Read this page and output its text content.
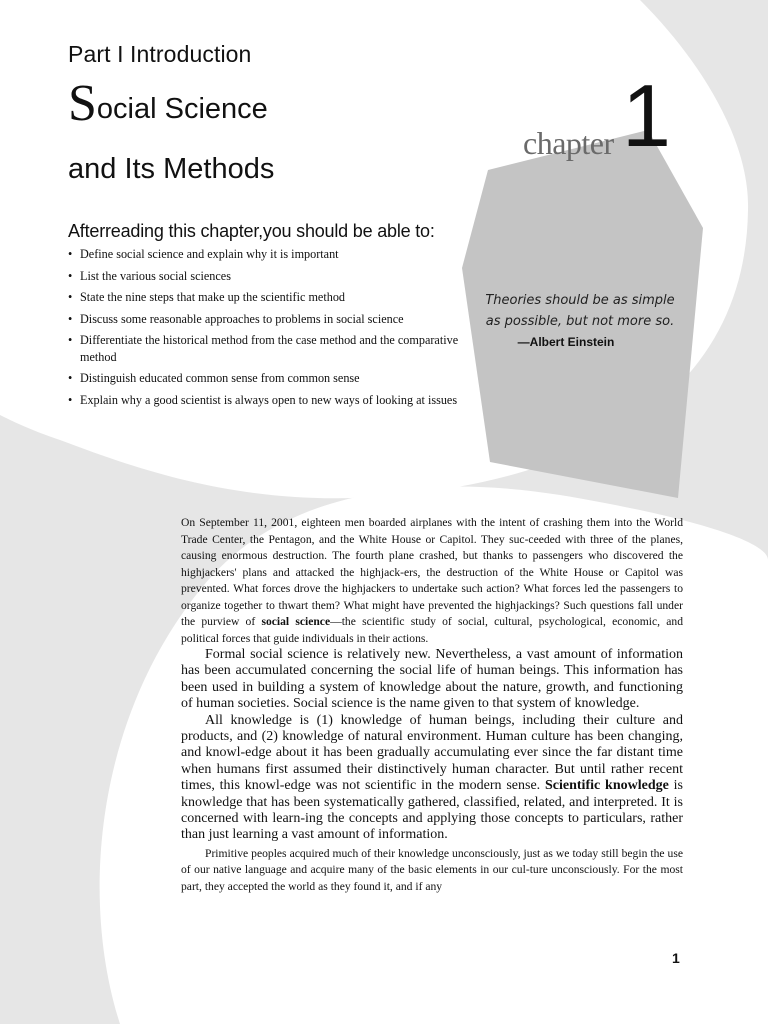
Part I Introduction
Social Science
and Its Methods
chapter 1
Afterreading this chapter,you should be able to:
• Define social science and explain why it is important
• List the various social sciences
• State the nine steps that make up the scientific method
• Discuss some reasonable approaches to problems in social science
• Differentiate the historical method from the case method and the comparative method
• Distinguish educated common sense from common sense
• Explain why a good scientist is always open to new ways of looking at issues
Theories should be as simple as possible, but not more so.
—Albert Einstein

On September 11, 2001, eighteen men boarded airplanes with the intent of crashing them into the World Trade Center, the Pentagon, and the White House or Capitol. They suc-ceeded with three of the planes, causing enormous destruction. The fourth plane crashed, but thanks to passengers who discovered the highjackers' plans and attacked the highjack-ers, the destruction of the White House or Capitol was prevented. What forces drove the highjackers to undertake such action? What forces led the passengers to organize together to thwart them? What might have prevented the highjackings? Such questions fall under the purview of social science—the scientific study of social, cultural, psychological, economic, and political forces that guide individuals in their actions.

Formal social science is relatively new. Nevertheless, a vast amount of information has been accumulated concerning the social life of human beings. This information has been used in building a system of knowledge about the nature, growth, and functioning of human societies. Social science is the name given to that system of knowledge.

All knowledge is (1) knowledge of human beings, including their culture and products, and (2) knowledge of natural environment. Human culture has been changing, and knowl-edge about it has been gradually accumulating ever since the far distant time when humans first assumed their distinctively human character. But until rather recent times, this knowl-edge was not scientific in the modern sense. Scientific knowledge is knowledge that has been systematically gathered, classified, related, and interpreted. It is concerned with learn-ing the concepts and applying those concepts to particulars, rather than just learning a vast amount of information.

Primitive peoples acquired much of their knowledge unconsciously, just as we today still begin the use of our native language and acquire many of the basic elements in our cul-ture unconsciously. For the most part, they accepted the world as they found it, and if any

1
